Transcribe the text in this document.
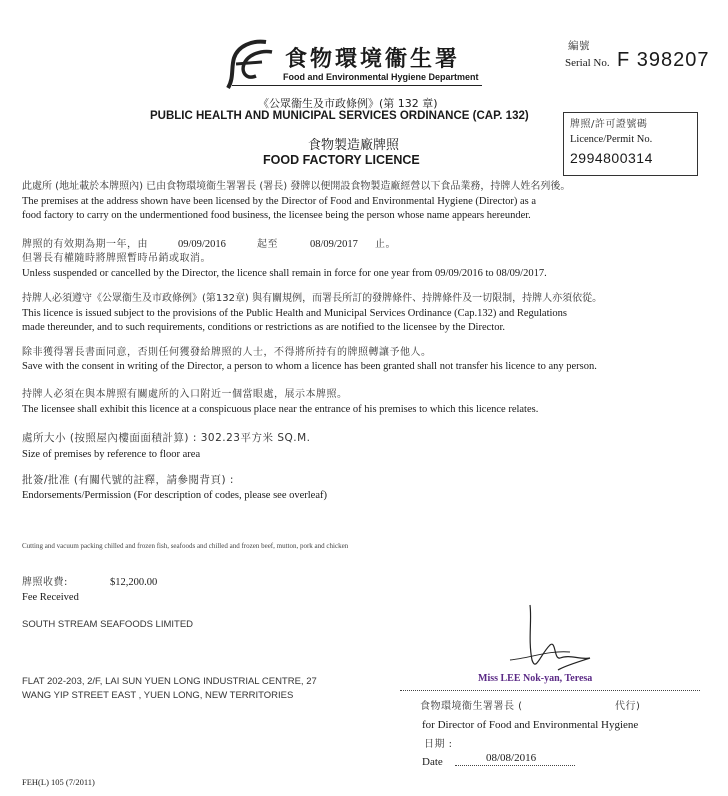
食物環境衞生署
Food and Environmental Hygiene Department
編號
Serial No. F 398207
《公眾衞生及市政條例》(第 132 章)
PUBLIC HEALTH AND MUNICIPAL SERVICES ORDINANCE (CAP. 132)
食物製造廠牌照
FOOD FACTORY LICENCE
牌照/許可證號碼
Licence/Permit No.
2994800314
此處所 (地址載於本牌照內) 已由食物環境衞生署署長 (署長) 發牌以便開設食物製造廠經營以下食品業務，持牌人姓名列後。
The premises at the address shown have been licensed by the Director of Food and Environmental Hygiene (Director) as a
food factory to carry on the undermentioned food business, the licensee being the person whose name appears hereunder.
牌照的有效期為期一年，由	09/09/2016	起至	08/09/2017 止。
但署長有權隨時將牌照暫時吊銷或取消。
Unless suspended or cancelled by the Director, the licence shall remain in force for one year from 09/09/2016 to 08/09/2017.
持牌人必須遵守《公眾衞生及市政條例》(第132章) 與有關規例，而署長所訂的發牌條件、持牌條件及一切限制，持牌人亦須依從。
This licence is issued subject to the provisions of the Public Health and Municipal Services Ordinance (Cap.132) and Regulations
made thereunder, and to such requirements, conditions or restrictions as are notified to the licensee by the Director.
除非獲得署長書面同意，否則任何獲發給牌照的人士，不得將所持有的牌照轉讓予他人。
Save with the consent in writing of the Director, a person to whom a licence has been granted shall not transfer his licence to any person.
持牌人必須在與本牌照有關處所的入口附近一個當眼處，展示本牌照。
The licensee shall exhibit this licence at a conspicuous place near the entrance of his premises to which this licence relates.
處所大小 (按照屋內樓面面積計算) : 302.23平方米 SQ.M.
Size of premises by reference to floor area
批簽/批准 (有關代號的註釋，請參閱背頁) :
Endorsements/Permission (For description of codes, please see overleaf)
Cutting and vacuum packing chilled and frozen fish, seafoods and chilled and frozen beef, mutton, pork and chicken
牌照收費:
Fee Received
$12,200.00
SOUTH STREAM SEAFOODS LIMITED
FLAT 202-203, 2/F, LAI SUN YUEN LONG INDUSTRIAL CENTRE, 27
WANG YIP STREET EAST , YUEN LONG, NEW TERRITORIES
Miss LEE Nok-yan, Teresa
食物環境衞生署署長 (	代行)
for Director of Food and Environmental Hygiene
日期 :
Date	08/08/2016
FEH(L) 105 (7/2011)
